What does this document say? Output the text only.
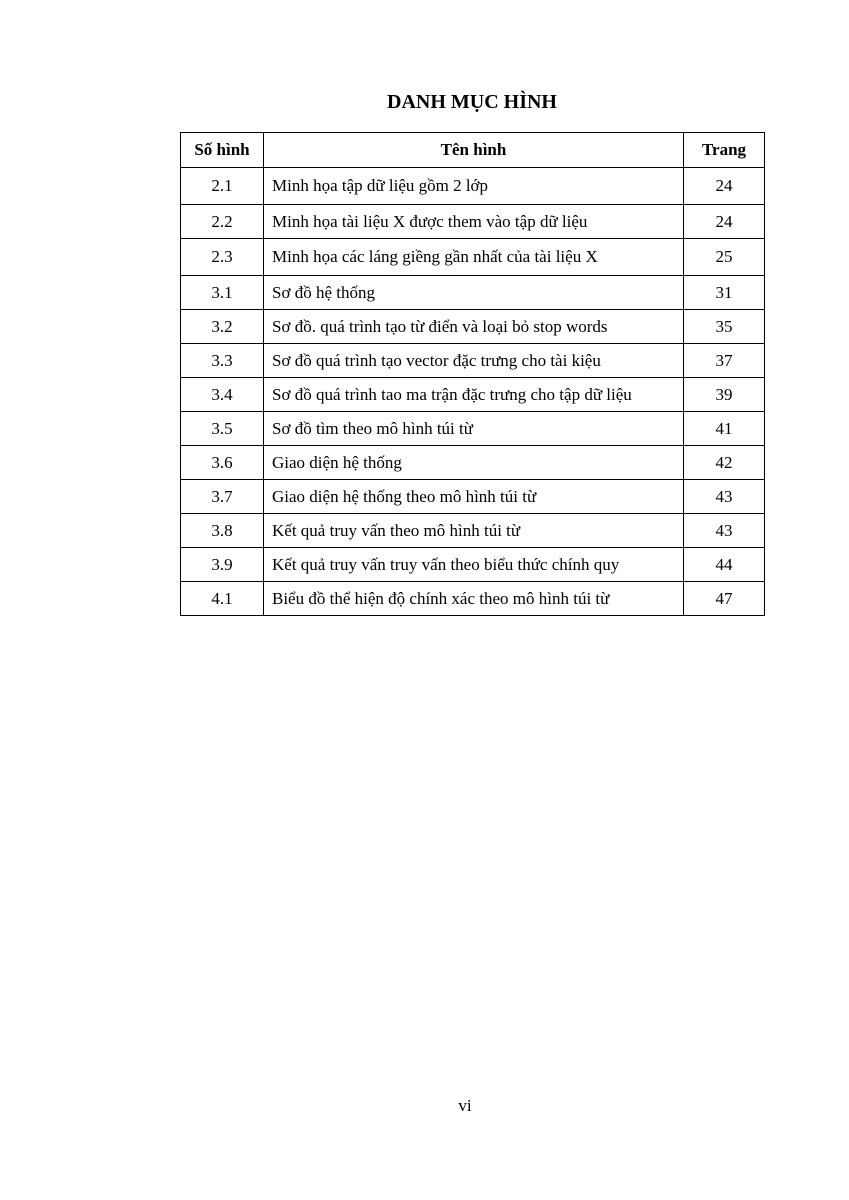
DANH MỤC HÌNH
Số hình	Tên hình	Trang
2.1	Minh họa tập dữ liệu gồm 2 lớp	24
2.2	Minh họa tài liệu X được them vào tập dữ liệu	24
2.3	Minh họa các láng giềng gần nhất của tài liệu X	25
3.1	Sơ đồ hệ thống	31
3.2	Sơ đồ. quá trình tạo từ điển và loại bỏ stop words	35
3.3	Sơ đồ quá trình tạo vector đặc trưng cho tài kiệu	37
3.4	Sơ đồ quá trình tao ma trận đặc trưng cho tập dữ liệu	39
3.5	Sơ đồ tìm theo mô hình túi từ	41
3.6	Giao diện hệ thống	42
3.7	Giao diện hệ thống theo mô hình túi từ	43
3.8	Kết quả truy vấn theo mô hình túi từ	43
3.9	Kết quả truy vấn truy vấn theo biểu thức chính quy	44
4.1	Biểu đồ thể hiện độ chính xác theo mô hình túi từ	47
vi
